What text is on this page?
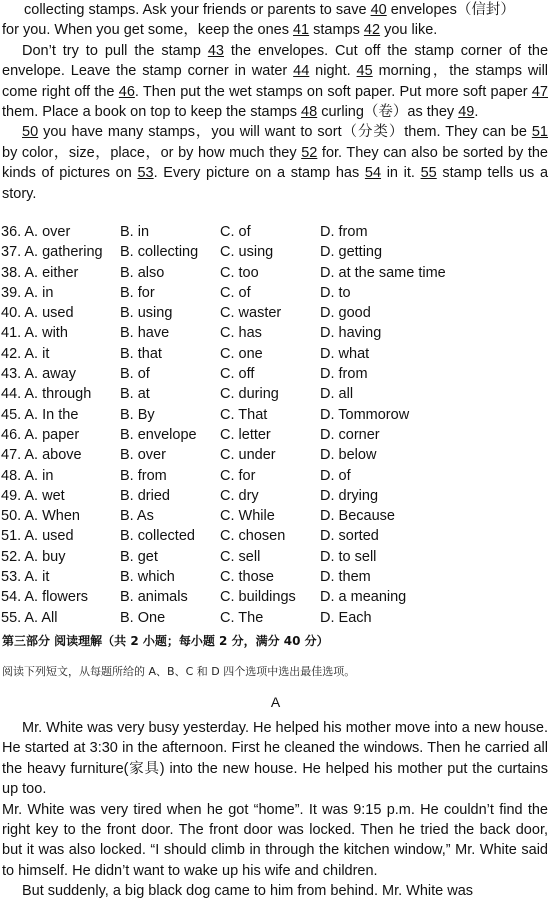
collecting stamps. Ask your friends or parents to save 40 envelopes（信封）

for you. When you get some，keep the ones 41 stamps 42 you like.

Don’t try to pull the stamp 43 the envelopes. Cut off the stamp corner of the envelope. Leave the stamp corner in water 44 night. 45 morning，the stamps will come right off the 46. Then put the wet stamps on soft paper. Put more soft paper 47 them. Place a book on top to keep the stamps 48 curling（卷）as they 49.

50 you have many stamps，you will want to sort（分类）them. They can be 51 by color，size，place，or by how much they 52 for. They can also be sorted by the kinds of pictures on 53. Every picture on a stamp has 54 in it. 55 stamp tells us a story.

36. A. over	B. in	C. of	D. from
37. A. gathering B. collecting C. using	D. getting
38. A. either	B. also	C. too	D. at the same time
39. A. in	B. for	C. of	D. to
40. A. used	B. using	C. waster	D. good
41. A. with	B. have	C. has	D. having
42. A. it	B. that	C. one	D. what
43. A. away	B. of	C. off	D. from
44. A. through B. at	C. during	D. all
45. A. In the	B. By	C. That	D. Tommorow
46. A. paper	B. envelope C. letter	D. corner
47. A. above	B. over	C. under	D. below
48. A. in	B. from	C. for	D. of
49. A. wet	B. dried	C. dry	D. drying
50. A. When	B. As	C. While	D. Because
51. A. used	B. collected C. chosen D. sorted
52. A. buy	B. get	C. sell	D. to sell
53. A. it	B. which	C. those	D. them
54. A. flowers B. animals C. buildings D. a meaning
55. A. All	B. One	C. The	D. Each
第三部分 阅读理解（共 2 小题；每小题 2 分，满分 40 分）
阅读下列短文，从每题所给的 A、B、C 和 D 四个选项中选出最佳选项。
A

Mr. White was very busy yesterday. He helped his mother move into a new house. He started at 3:30 in the afternoon. First he cleaned the windows. Then he carried all the heavy furniture(家具) into the new house. He helped his mother put the curtains up too.

Mr. White was very tired when he got “home”. It was 9:15 p.m. He couldn’t find the right key to the front door. The front door was locked. Then he tried the back door, but it was also locked. “I should climb in through the kitchen window,” Mr. White said to himself. He didn’t want to wake up his wife and children.

But suddenly, a big black dog came to him from behind. Mr. White was
